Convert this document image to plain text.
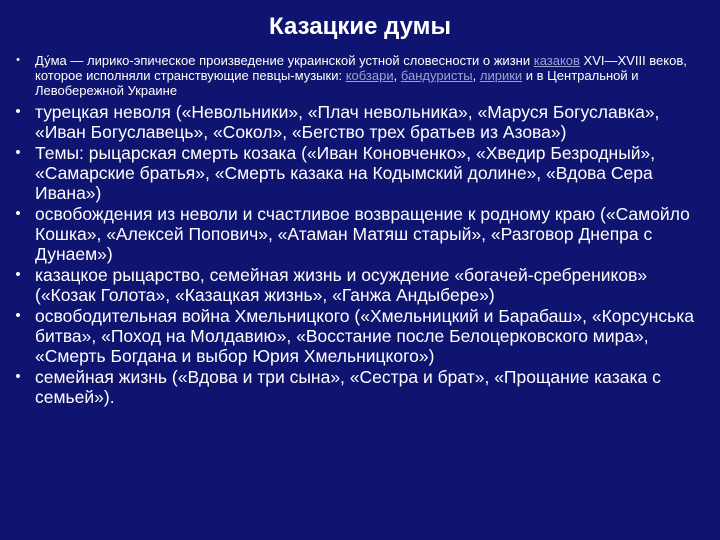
Казацкие думы
•	Ду́ма — лирико-эпическое произведение украинской устной словесности о жизни казаков XVI—XVIII веков, которое исполняли странствующие певцы-музыки: кобзари, бандуристы, лирики и в Центральной и Левобережной Украине
• турецкая неволя («Невольники», «Плач невольника», «Маруся Богуславка», «Иван Богуславець», «Сокол», «Бегство трех братьев из Азова»)
• Темы: рыцарская смерть козака («Иван Коновченко», «Хведир Безродный», «Самарские братья», «Смерть казака на Кодымский долине», «Вдова Сера Ивана»)
• освобождения из неволи и счастливое возвращение к родному краю («Самойло Кошка», «Алексей Попович», «Атаман Матяш старый», «Разговор Днепра с Дунаем»)
• казацкое рыцарство, семейная жизнь и осуждение «богачей-сребреников» («Козак Голота», «Казацкая жизнь», «Ганжа Андыбере»)
• освободительная война Хмельницкого («Хмельницкий и Барабаш», «Корсунська битва», «Поход на Молдавию», «Восстание после Белоцерковского мира», «Смерть Богдана и выбор Юрия Хмельницкого»)
• семейная жизнь («Вдова и три сына», «Сестра и брат», «Прощание казака с семьей»).
